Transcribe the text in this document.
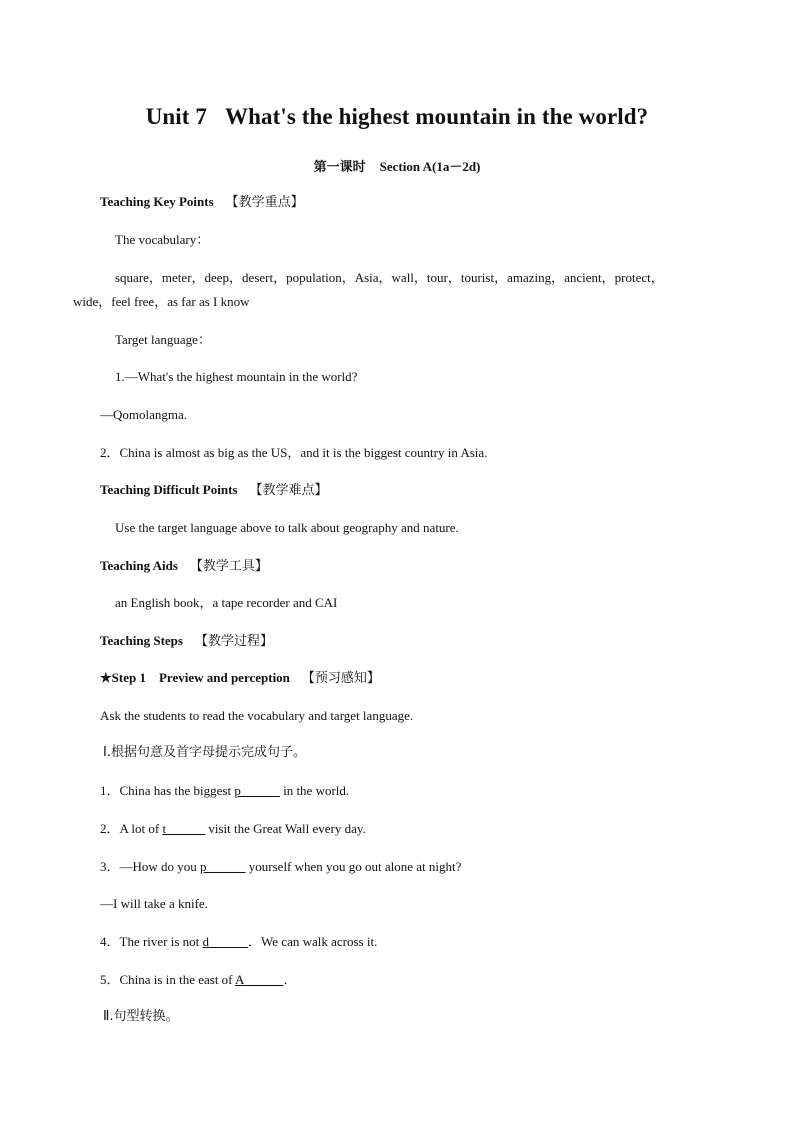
Unit 7 What's the highest mountain in the world?
第一课时 Section A(1a－2d)
Teaching Key Points 【教学重点】
The vocabulary：
square，meter，deep，desert，population，Asia，wall，tour，tourist，amazing，ancient，protect，
wide，feel free，as far as I know
Target language：
1.—What's the highest mountain in the world?
—Qomolangma.
2．China is almost as big as the US，and it is the biggest country in Asia.
Teaching Difficult Points 【教学难点】
Use the target language above to talk about geography and nature.
Teaching Aids 【教学工具】
an English book，a tape recorder and CAI
Teaching Steps 【教学过程】
★Step 1　Preview and perception 【预习感知】
Ask the students to read the vocabulary and target language.
Ⅰ.根据句意及首字母提示完成句子。
1．China has the biggest p______ in the world.
2．A lot of t______ visit the Great Wall every day.
3．—How do you p______ yourself when you go out alone at night?
—I will take a knife.
4．The river is not d______．We can walk across it.
5．China is in the east of A______．
Ⅱ.句型转换。
